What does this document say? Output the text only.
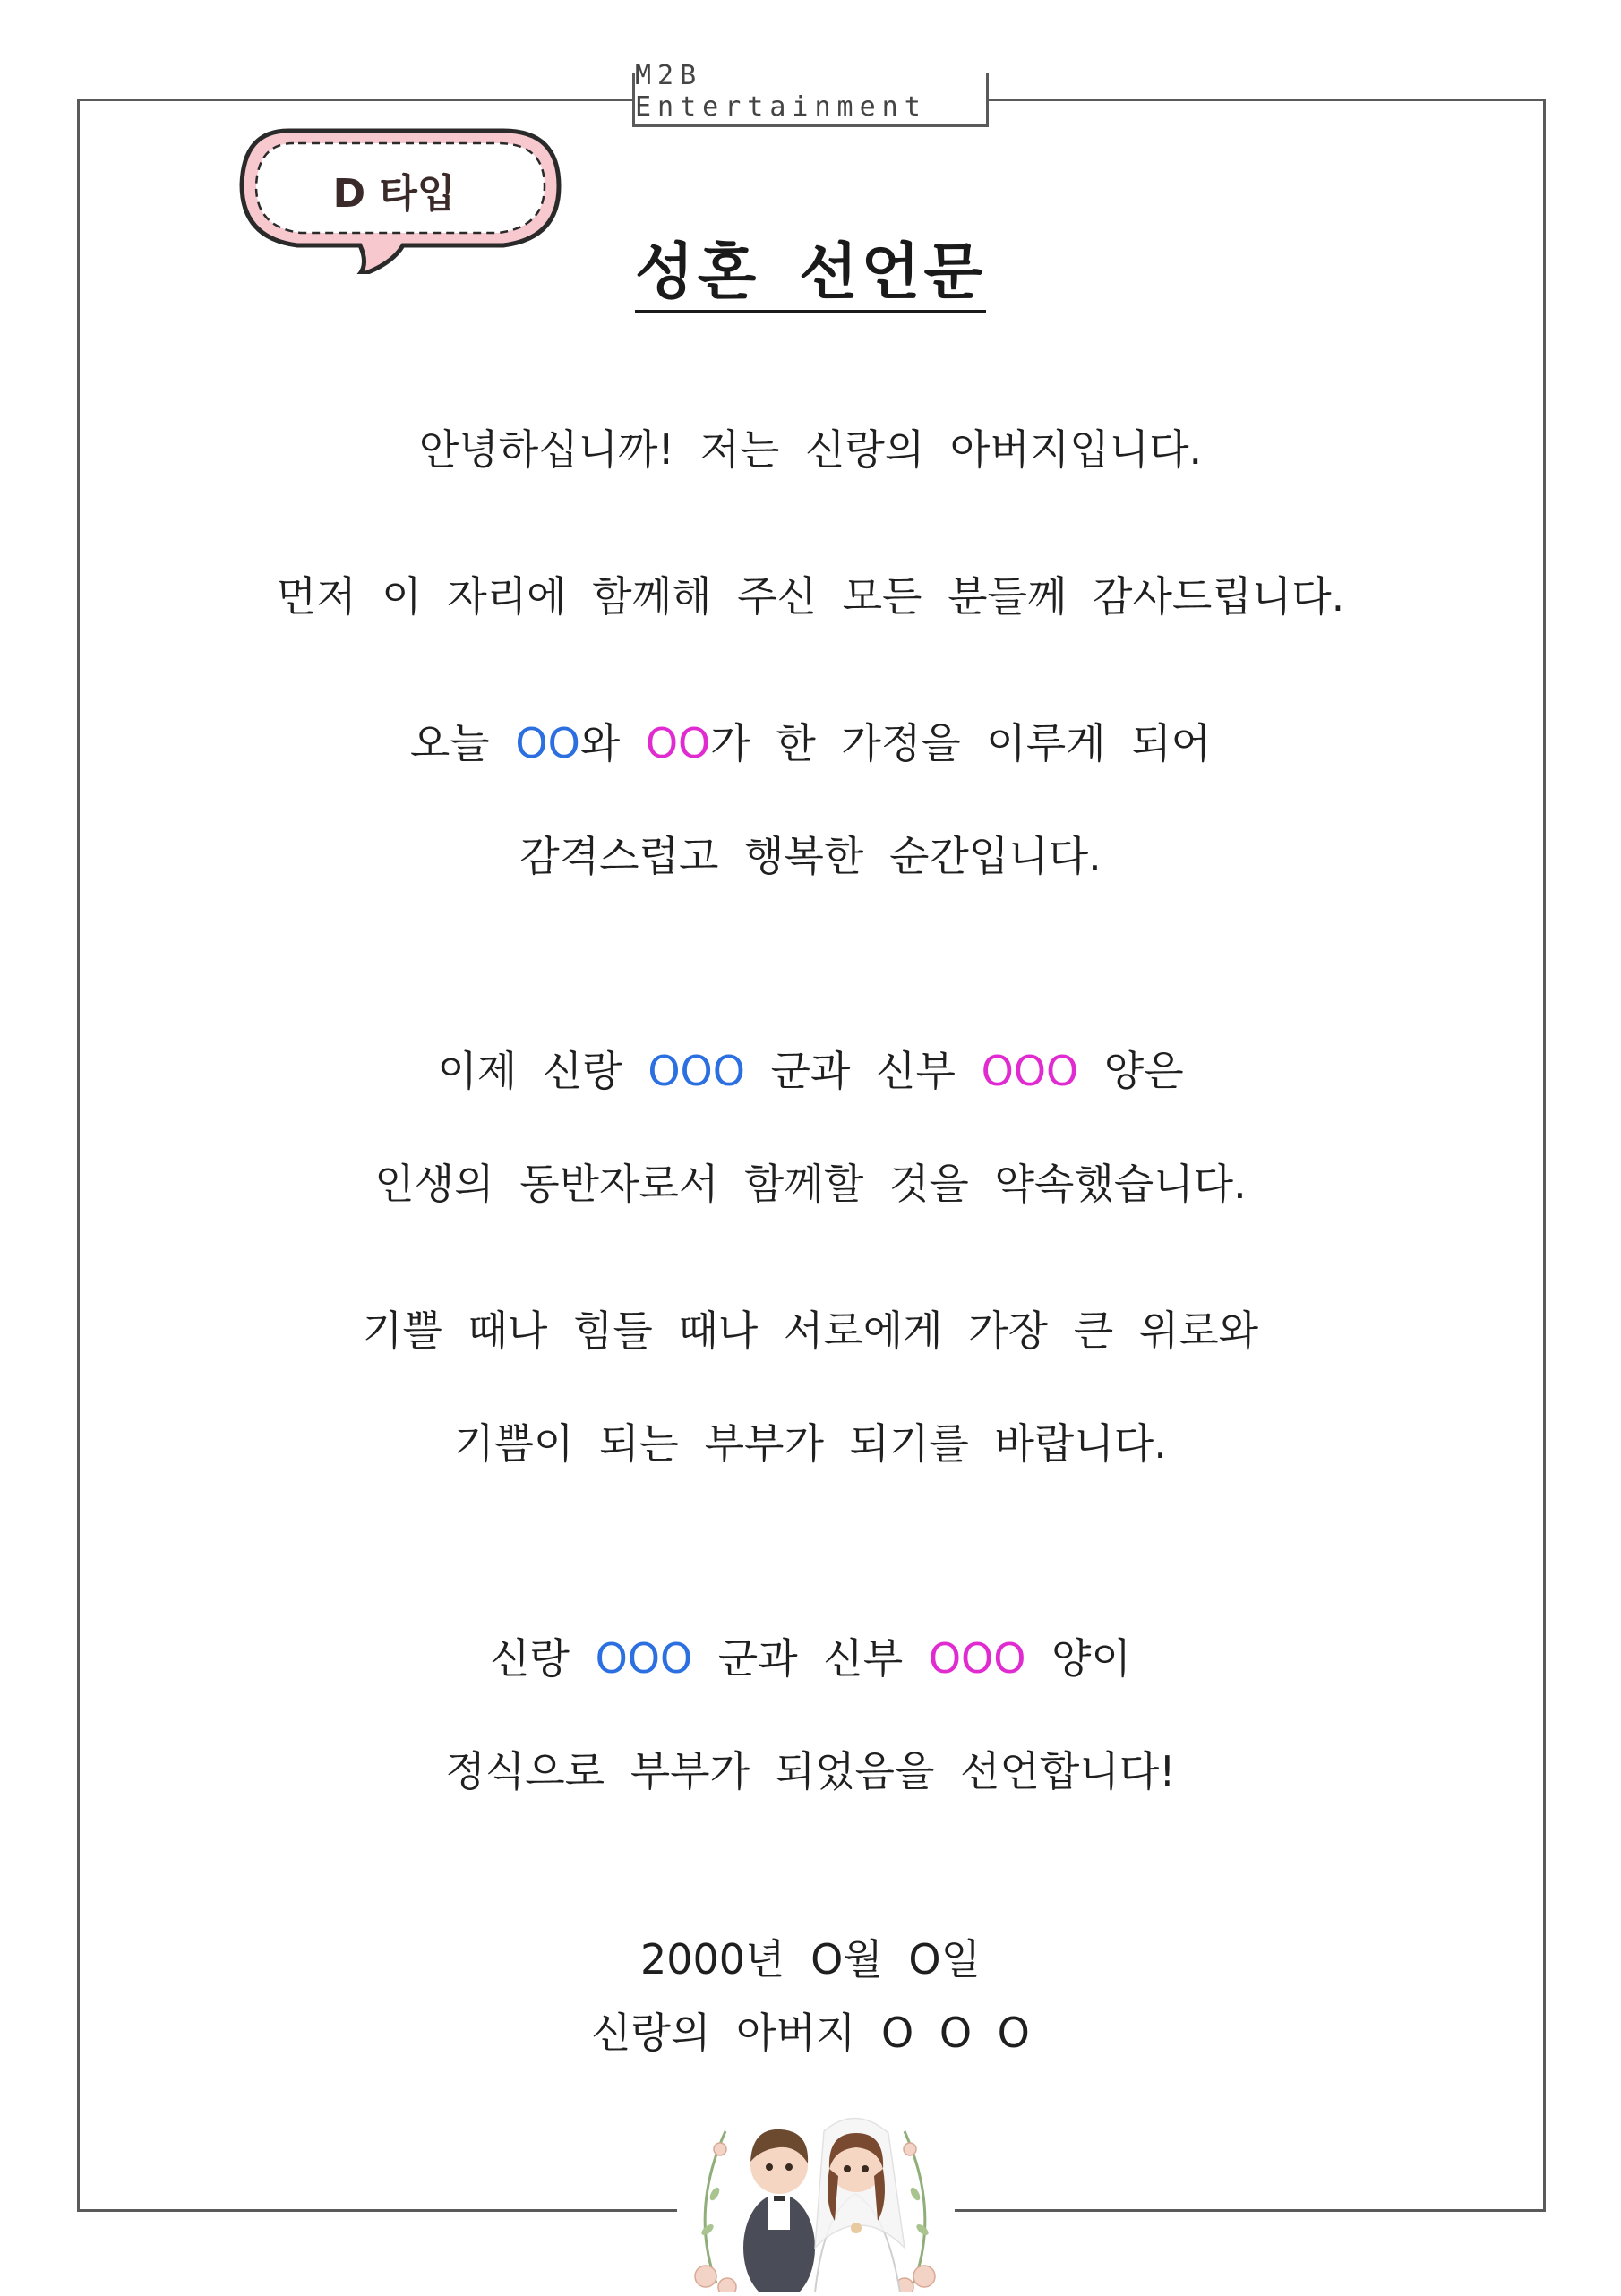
M2B Entertainment
D 타입
성혼 선언문
안녕하십니까! 저는 신랑의 아버지입니다.
먼저 이 자리에 함께해 주신 모든 분들께 감사드립니다.
오늘 OO와 OO가 한 가정을 이루게 되어
감격스럽고 행복한 순간입니다.
이제 신랑 OOO 군과 신부 OOO 양은
인생의 동반자로서 함께할 것을 약속했습니다.
기쁠 때나 힘들 때나 서로에게 가장 큰 위로와
기쁨이 되는 부부가 되기를 바랍니다.
신랑 OOO 군과 신부 OOO 양이
정식으로 부부가 되었음을 선언합니다!
2000년 O월 O일
신랑의 아버지 O O O
